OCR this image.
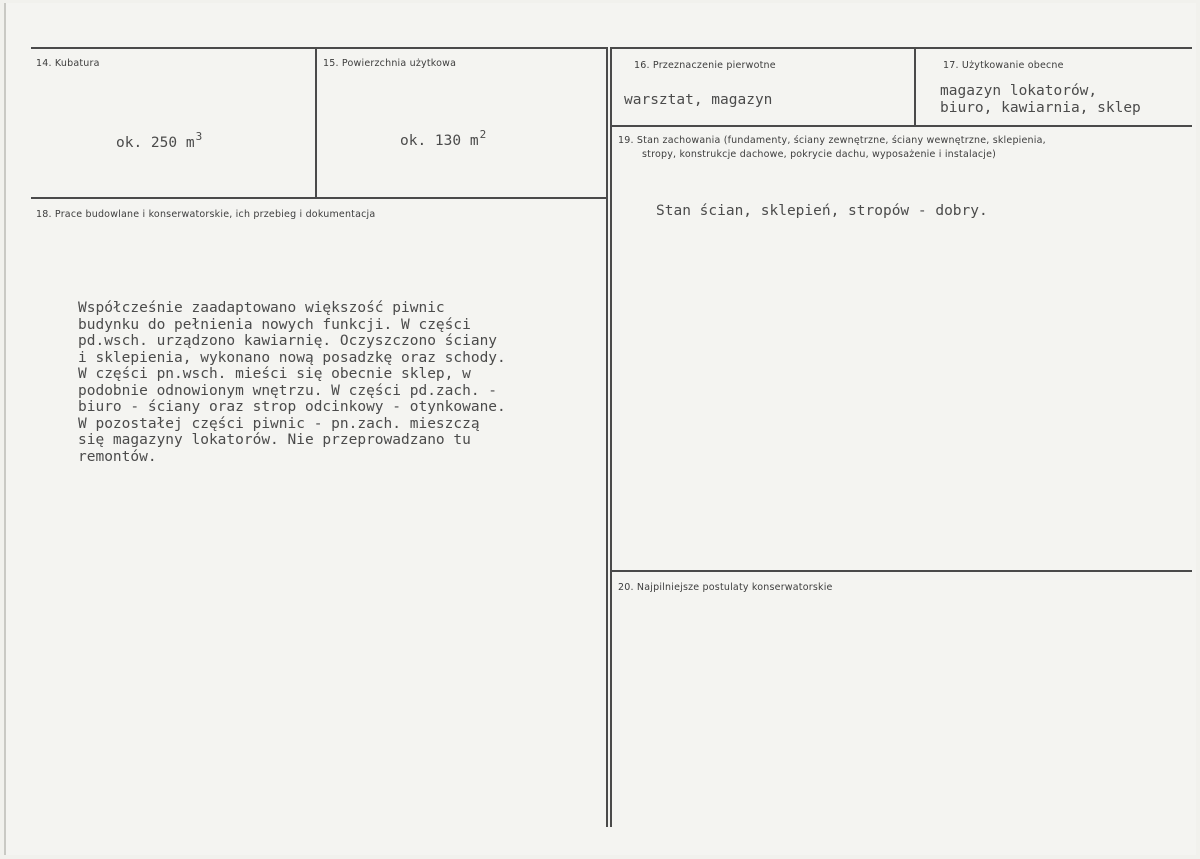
14. Kubatura
ok. 250 $m^3$
15. Powierzchnia użytkowa
ok. 130 $m^2$
16. Przeznaczenie pierwotne
warsztat, magazyn
17. Użytkowanie obecne
magazyn lokatorów,
biuro, kawiarnia, sklep
18. Prace budowlane i konserwatorskie, ich przebieg i dokumentacja

Współcześnie zaadaptowano większość piwnic
budynku do pełnienia nowych funkcji. W części
pd.wsch. urządzono kawiarnię. Oczyszczono ściany
i sklepienia, wykonano nową posadzkę oraz schody.
W części pn.wsch. mieści się obecnie sklep, w
podobnie odnowionym wnętrzu. W części pd.zach. -
biuro - ściany oraz strop odcinkowy - otynkowane.
W pozostałej części piwnic - pn.zach. mieszczą
się magazyny lokatorów. Nie przeprowadzano tu
remontów.

19. Stan zachowania (fundamenty, ściany zewnętrzne, ściany wewnętrzne, sklepienia,
stropy, konstrukcje dachowe, pokrycie dachu, wyposażenie i instalacje)
Stan ścian, sklepień, stropów - dobry.
20. Najpilniejsze postulaty konserwatorskie
